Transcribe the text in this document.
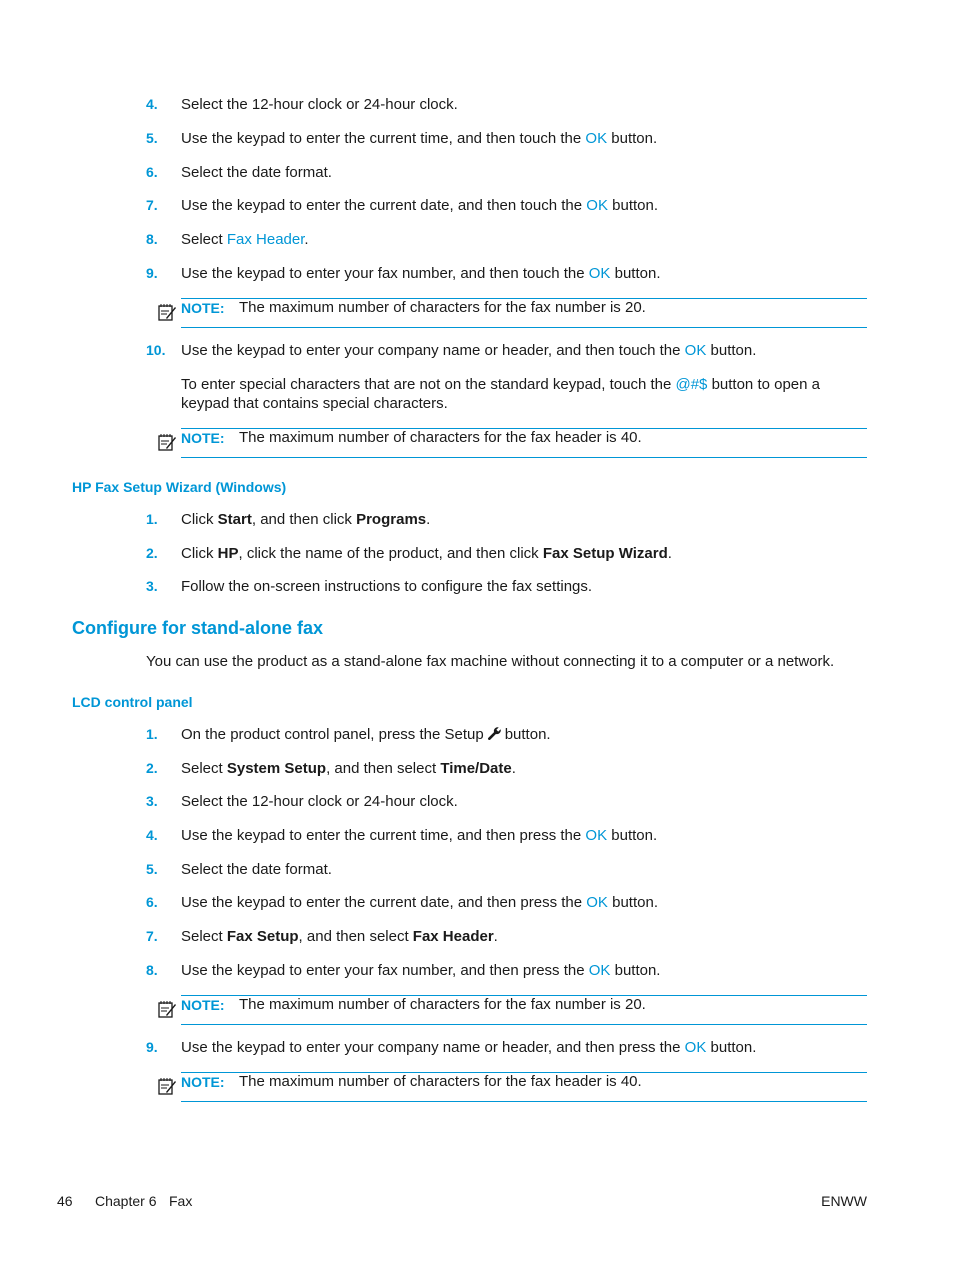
4. Select the 12-hour clock or 24-hour clock.
5. Use the keypad to enter the current time, and then touch the OK button.
6. Select the date format.
7. Use the keypad to enter the current date, and then touch the OK button.
8. Select Fax Header.
9. Use the keypad to enter your fax number, and then touch the OK button.
NOTE: The maximum number of characters for the fax number is 20.
10. Use the keypad to enter your company name or header, and then touch the OK button.
To enter special characters that are not on the standard keypad, touch the @#$ button to open a
keypad that contains special characters.
NOTE: The maximum number of characters for the fax header is 40.
HP Fax Setup Wizard (Windows)
1. Click Start, and then click Programs.
2. Click HP, click the name of the product, and then click Fax Setup Wizard.
3. Follow the on-screen instructions to configure the fax settings.
Configure for stand-alone fax
You can use the product as a stand-alone fax machine without connecting it to a computer or a network.
LCD control panel
1. On the product control panel, press the Setup button.
2. Select System Setup, and then select Time/Date.
3. Select the 12-hour clock or 24-hour clock.
4. Use the keypad to enter the current time, and then press the OK button.
5. Select the date format.
6. Use the keypad to enter the current date, and then press the OK button.
7. Select Fax Setup, and then select Fax Header.
8. Use the keypad to enter your fax number, and then press the OK button.
NOTE: The maximum number of characters for the fax number is 20.
9. Use the keypad to enter your company name or header, and then press the OK button.
NOTE: The maximum number of characters for the fax header is 40.
46 Chapter 6 Fax	ENWW
